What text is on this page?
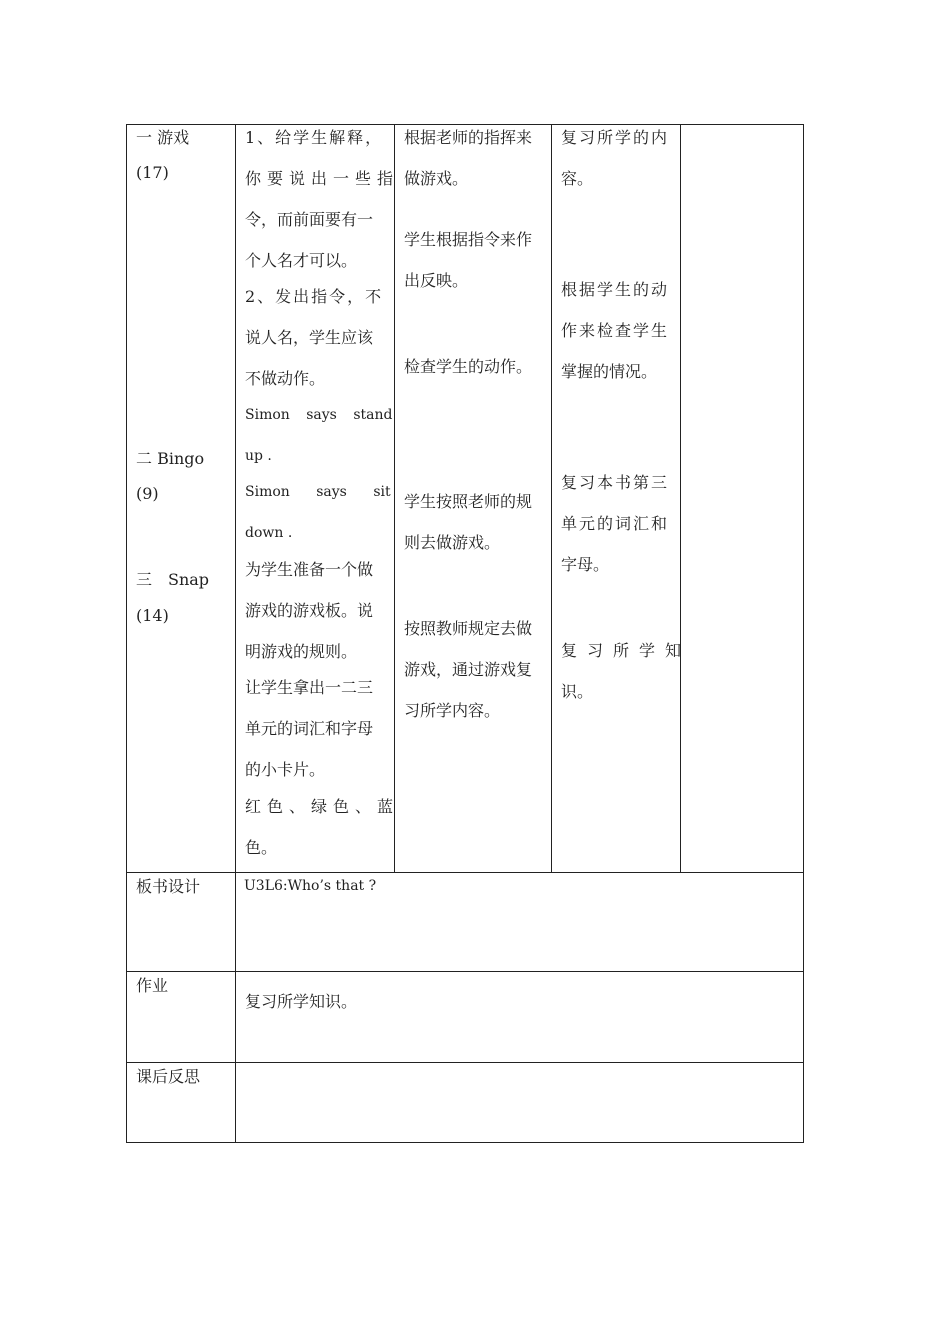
一 游戏
(17)
二 Bingo
(9)
三　Snap
(14)
1、给学生解释，
你要说出一些指
令，而前面要有一
个人名才可以。
2、发出指令，不
说人名，学生应该
不做动作。
Simon says stand
up .
Simon says sit
down .
为学生准备一个做
游戏的游戏板。说
明游戏的规则。
让学生拿出一二三
单元的词汇和字母
的小卡片。
红色、绿色、蓝
色。
根据老师的指挥来
做游戏。
学生根据指令来作
出反映。
检查学生的动作。
学生按照老师的规
则去做游戏。
按照教师规定去做
游戏，通过游戏复
习所学内容。
复习所学的内
容。
根据学生的动
作来检查学生
掌握的情况。
复习本书第三
单元的词汇和
字母。
复习所学知
识。
板书设计	U3L6:Who’s that ?
作业
复习所学知识。
课后反思
